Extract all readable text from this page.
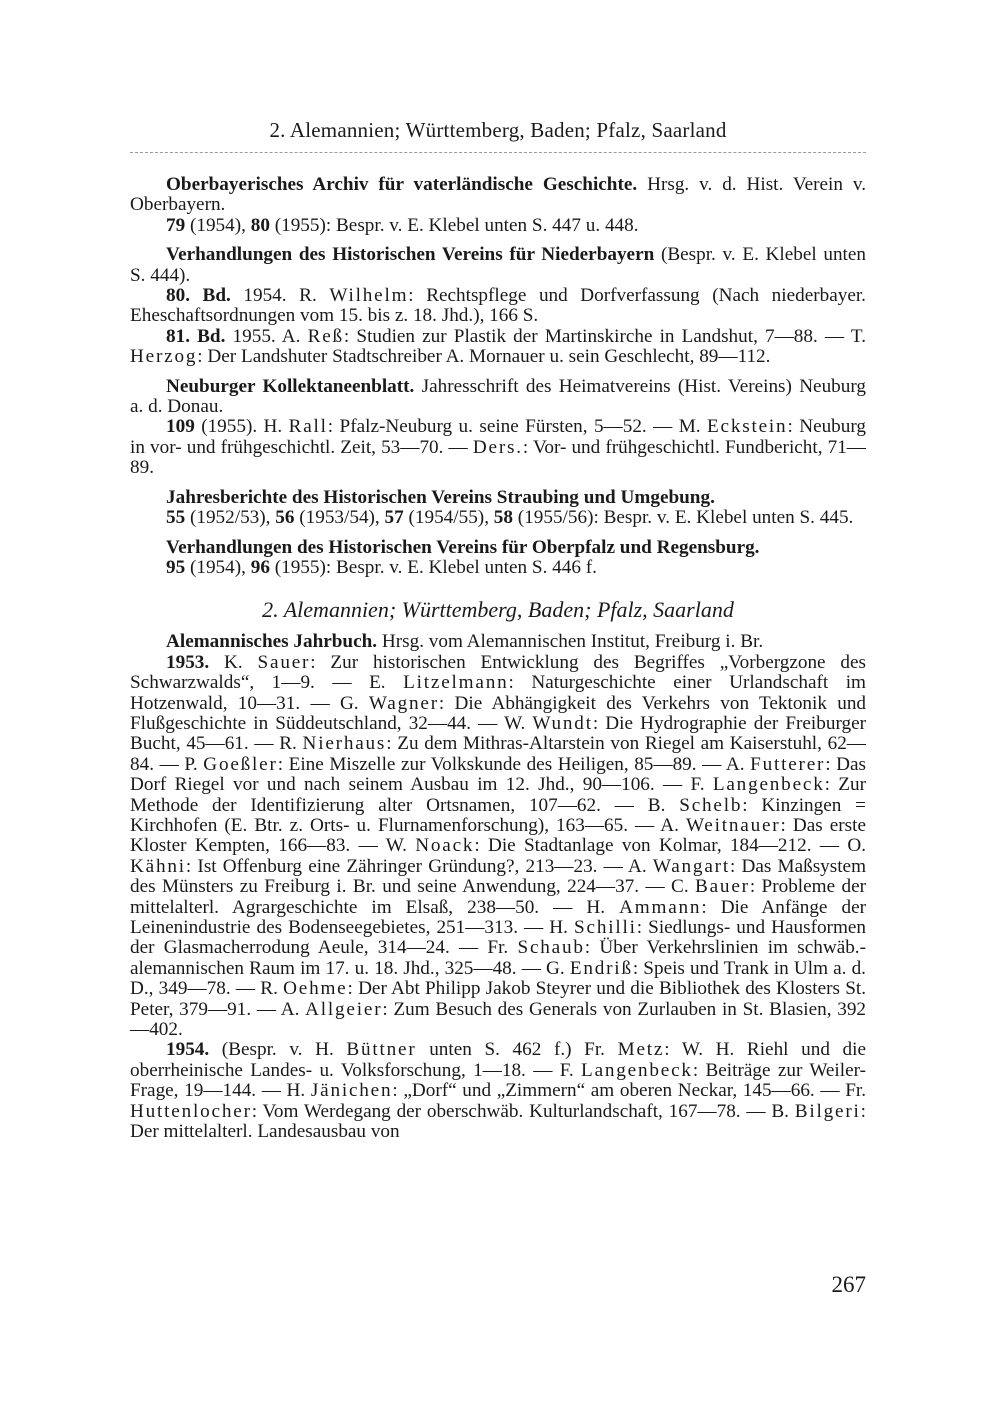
2. Alemannien; Württemberg, Baden; Pfalz, Saarland

Oberbayerisches Archiv für vaterländische Geschichte. Hrsg. v. d. Hist. Verein v. Oberbayern.

79 (1954), 80 (1955): Bespr. v. E. Klebel unten S. 447 u. 448.

Verhandlungen des Historischen Vereins für Niederbayern (Bespr. v. E. Klebel unten S. 444).

80. Bd. 1954. R. Wilhelm: Rechtspflege und Dorfverfassung (Nach niederbayer. Eheschaftsordnungen vom 15. bis z. 18. Jhd.), 166 S.

81. Bd. 1955. A. Reß: Studien zur Plastik der Martinskirche in Landshut, 7—88. — T. Herzog: Der Landshuter Stadtschreiber A. Mornauer u. sein Geschlecht, 89—112.

Neuburger Kollektaneenblatt. Jahresschrift des Heimatvereins (Hist. Vereins) Neuburg a. d. Donau.

109 (1955). H. Rall: Pfalz-Neuburg u. seine Fürsten, 5—52. — M. Eckstein: Neuburg in vor- und frühgeschichtl. Zeit, 53—70. — Ders.: Vor- und frühgeschichtl. Fundbericht, 71—89.

Jahresberichte des Historischen Vereins Straubing und Umgebung.

55 (1952/53), 56 (1953/54), 57 (1954/55), 58 (1955/56): Bespr. v. E. Klebel unten S. 445.

Verhandlungen des Historischen Vereins für Oberpfalz und Regensburg.

95 (1954), 96 (1955): Bespr. v. E. Klebel unten S. 446 f.

2. Alemannien; Württemberg, Baden; Pfalz, Saarland

Alemannisches Jahrbuch. Hrsg. vom Alemannischen Institut, Freiburg i. Br.

1953. K. Sauer: Zur historischen Entwicklung des Begriffes „Vorbergzone des Schwarzwalds“, 1—9. — E. Litzelmann: Naturgeschichte einer Urlandschaft im Hotzenwald, 10—31. — G. Wagner: Die Abhängigkeit des Verkehrs von Tektonik und Flußgeschichte in Süddeutschland, 32—44. — W. Wundt: Die Hydrographie der Freiburger Bucht, 45—61. — R. Nierhaus: Zu dem Mithras-Altarstein von Riegel am Kaiserstuhl, 62—84. — P. Goeßler: Eine Miszelle zur Volkskunde des Heiligen, 85—89. — A. Futterer: Das Dorf Riegel vor und nach seinem Ausbau im 12. Jhd., 90—106. — F. Langenbeck: Zur Methode der Identifizierung alter Ortsnamen, 107—62. — B. Schelb: Kinzingen = Kirchhofen (E. Btr. z. Orts- u. Flurnamenforschung), 163—65. — A. Weitnauer: Das erste Kloster Kempten, 166—83. — W. Noack: Die Stadtanlage von Kolmar, 184—212. — O. Kähni: Ist Offenburg eine Zähringer Gründung?, 213—23. — A. Wangart: Das Maßsystem des Münsters zu Freiburg i. Br. und seine Anwendung, 224—37. — C. Bauer: Probleme der mittelalterl. Agrargeschichte im Elsaß, 238—50. — H. Ammann: Die Anfänge der Leinenindustrie des Bodenseegebietes, 251—313. — H. Schilli: Siedlungs- und Hausformen der Glasmacherrodung Aeule, 314—24. — Fr. Schaub: Über Verkehrslinien im schwäb.-alemannischen Raum im 17. u. 18. Jhd., 325—48. — G. Endriß: Speis und Trank in Ulm a. d. D., 349—78. — R. Oehme: Der Abt Philipp Jakob Steyrer und die Bibliothek des Klosters St. Peter, 379—91. — A. Allgeier: Zum Besuch des Generals von Zurlauben in St. Blasien, 392—402.

1954. (Bespr. v. H. Büttner unten S. 462 f.) Fr. Metz: W. H. Riehl und die oberrheinische Landes- u. Volksforschung, 1—18. — F. Langenbeck: Beiträge zur Weiler-Frage, 19—144. — H. Jänichen: „Dorf“ und „Zimmern“ am oberen Neckar, 145—66. — Fr. Huttenlocher: Vom Werdegang der oberschwäb. Kulturlandschaft, 167—78. — B. Bilgeri: Der mittelalterl. Landesausbau von

267
